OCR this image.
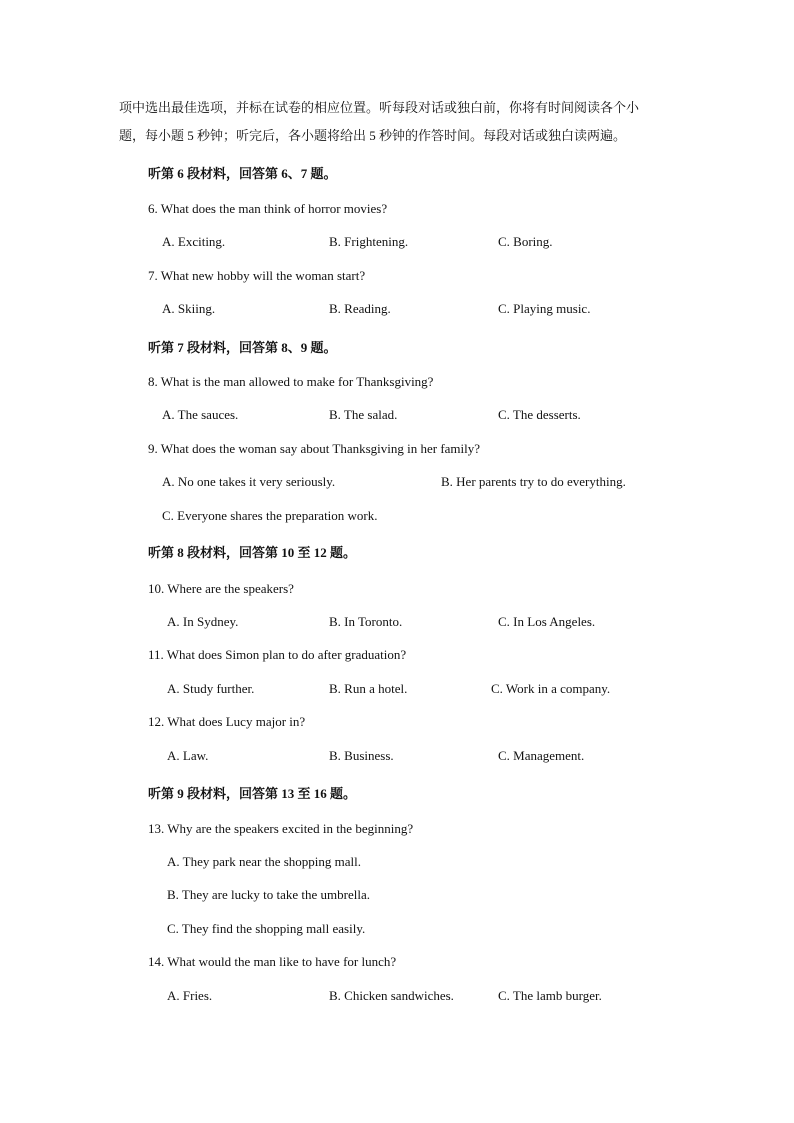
项中选出最佳选项，并标在试卷的相应位置。听每段对话或独白前，你将有时间阅读各个小
题，每小题 5 秒钟；听完后，各小题将给出 5 秒钟的作答时间。每段对话或独白读两遍。
听第 6 段材料，回答第 6、7 题。
6. What does the man think of horror movies?
A. Exciting.	B. Frightening.	C. Boring.
7. What new hobby will the woman start?
A. Skiing.	B. Reading.	C. Playing music.
听第 7 段材料，回答第 8、9 题。
8. What is the man allowed to make for Thanksgiving?
A. The sauces.	B. The salad.	C. The desserts.
9. What does the woman say about Thanksgiving in her family?
A. No one takes it very seriously.	B. Her parents try to do everything.
C. Everyone shares the preparation work.
听第 8 段材料，回答第 10 至 12 题。
10. Where are the speakers?
A. In Sydney.	B. In Toronto.	C. In Los Angeles.
11. What does Simon plan to do after graduation?
A. Study further.	B. Run a hotel.	C. Work in a company.
12. What does Lucy major in?
A. Law.	B. Business.	C. Management.
听第 9 段材料，回答第 13 至 16 题。
13. Why are the speakers excited in the beginning?
A. They park near the shopping mall.
B. They are lucky to take the umbrella.
C. They find the shopping mall easily.
14. What would the man like to have for lunch?
A. Fries.	B. Chicken sandwiches.	C. The lamb burger.
